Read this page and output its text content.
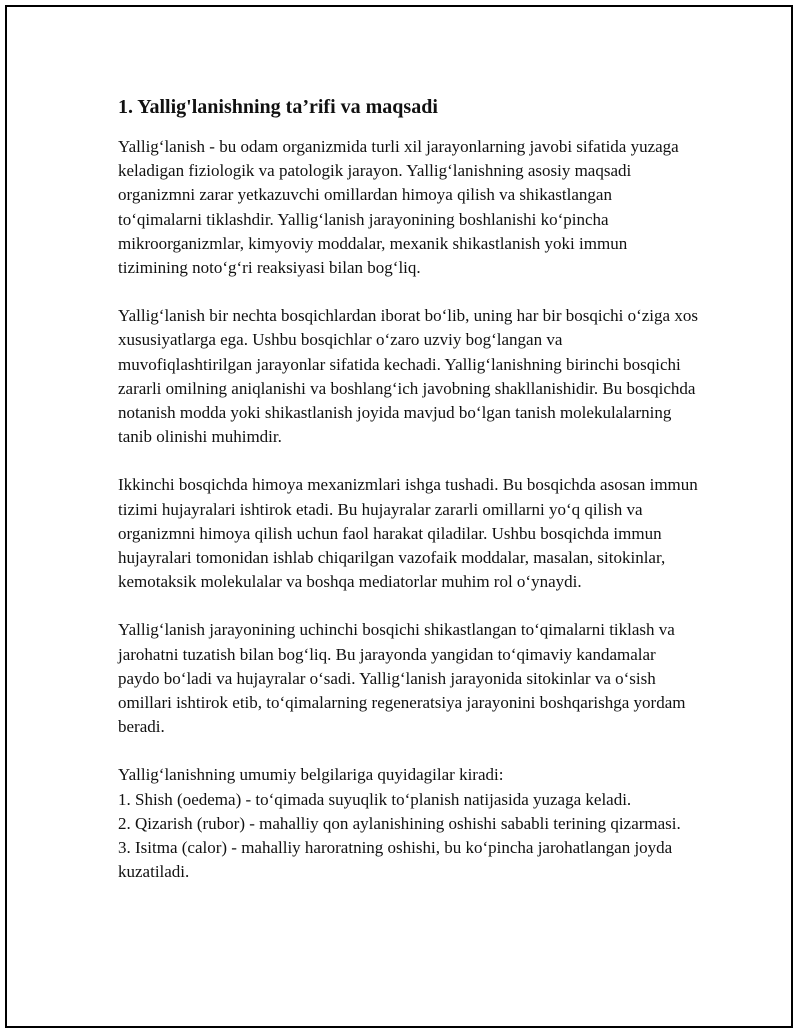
1. Yallig'lanishning ta’rifi va maqsadi

Yallig‘lanish - bu odam organizmida turli xil jarayonlarning javobi sifatida yuzaga keladigan fiziologik va patologik jarayon. Yallig‘lanishning asosiy maqsadi organizmni zarar yetkazuvchi omillardan himoya qilish va shikastlangan to‘qimalarni tiklashdir. Yallig‘lanish jarayonining boshlanishi ko‘pincha mikroorganizmlar, kimyoviy moddalar, mexanik shikastlanish yoki immun tizimining noto‘g‘ri reaksiyasi bilan bog‘liq.

Yallig‘lanish bir nechta bosqichlardan iborat bo‘lib, uning har bir bosqichi o‘ziga xos xususiyatlarga ega. Ushbu bosqichlar o‘zaro uzviy bog‘langan va muvofiqlashtirilgan jarayonlar sifatida kechadi. Yallig‘lanishning birinchi bosqichi zararli omilning aniqlanishi va boshlang‘ich javobning shakllanishidir. Bu bosqichda notanish modda yoki shikastlanish joyida mavjud bo‘lgan tanish molekulalarning tanib olinishi muhimdir.

Ikkinchi bosqichda himoya mexanizmlari ishga tushadi. Bu bosqichda asosan immun tizimi hujayralari ishtirok etadi. Bu hujayralar zararli omillarni yo‘q qilish va organizmni himoya qilish uchun faol harakat qiladilar. Ushbu bosqichda immun hujayralari tomonidan ishlab chiqarilgan vazofaik moddalar, masalan, sitokinlar, kemotaksik molekulalar va boshqa mediatorlar muhim rol o‘ynaydi.

Yallig‘lanish jarayonining uchinchi bosqichi shikastlangan to‘qimalarni tiklash va jarohatni tuzatish bilan bog‘liq. Bu jarayonda yangidan to‘qimaviy kandamalar paydo bo‘ladi va hujayralar o‘sadi. Yallig‘lanish jarayonida sitokinlar va o‘sish omillari ishtirok etib, to‘qimalarning regeneratsiya jarayonini boshqarishga yordam beradi.

Yallig‘lanishning umumiy belgilariga quyidagilar kiradi:

1. Shish (oedema) - to‘qimada suyuqlik to‘planish natijasida yuzaga keladi.

2. Qizarish (rubor) - mahalliy qon aylanishining oshishi sababli terining qizarmasi.

3. Isitma (calor) - mahalliy haroratning oshishi, bu ko‘pincha jarohatlangan joyda kuzatiladi.
